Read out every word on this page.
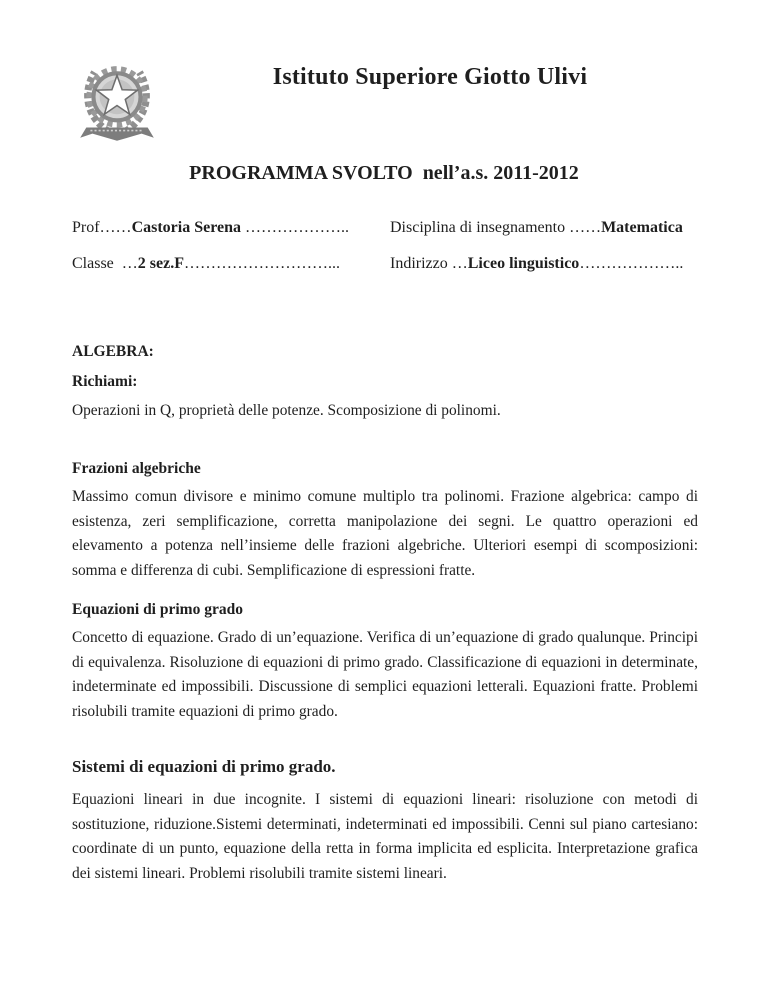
Istituto Superiore Giotto Ulivi
PROGRAMMA SVOLTO  nell’a.s. 2011-2012

Prof……Castoria Serena ………………..	Disciplina di insegnamento ……Matematica

Classe  …2 sez.F………………………...	Indirizzo …Liceo linguistico………………..

ALGEBRA:

Richiami:

Operazioni in Q, proprietà delle potenze. Scomposizione di polinomi.

Frazioni algebriche

Massimo comun divisore e minimo comune multiplo tra polinomi. Frazione algebrica: campo di esistenza, zeri semplificazione, corretta manipolazione dei segni. Le quattro operazioni ed elevamento a potenza nell’insieme delle frazioni algebriche. Ulteriori esempi di scomposizioni: somma e differenza di cubi. Semplificazione di espressioni fratte.

Equazioni di primo grado

Concetto di equazione. Grado di un’equazione. Verifica di un’equazione di grado qualunque. Principi di equivalenza. Risoluzione di equazioni di primo grado. Classificazione di equazioni in determinate, indeterminate ed impossibili. Discussione di semplici equazioni letterali. Equazioni fratte. Problemi risolubili tramite equazioni di primo grado.

Sistemi di equazioni di primo grado.

Equazioni lineari in due incognite. I sistemi di equazioni lineari: risoluzione con metodi di sostituzione, riduzione.Sistemi determinati, indeterminati ed impossibili. Cenni sul piano cartesiano: coordinate di un punto, equazione della retta in forma implicita ed esplicita. Interpretazione grafica dei sistemi lineari. Problemi risolubili tramite sistemi lineari.
